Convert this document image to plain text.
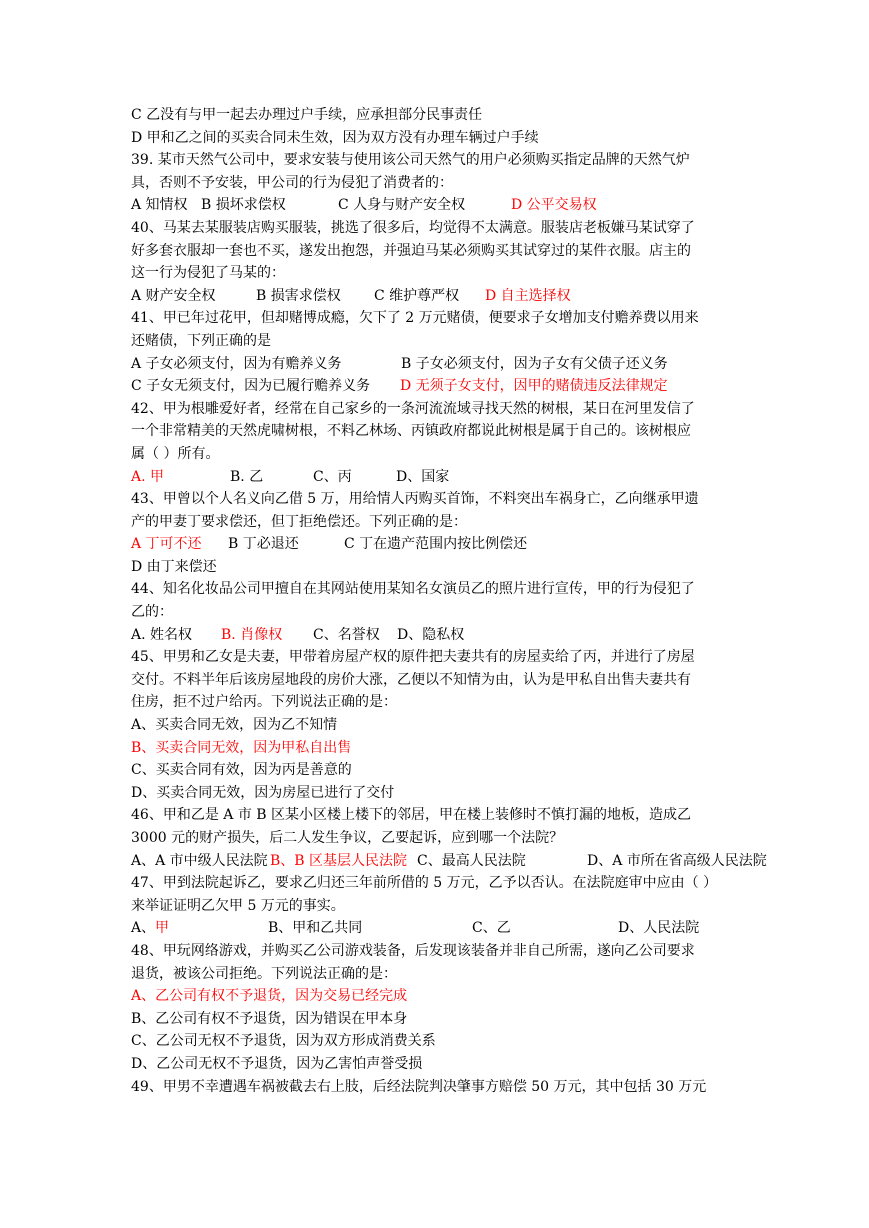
C 乙没有与甲一起去办理过户手续，应承担部分民事责任
D 甲和乙之间的买卖合同未生效，因为双方没有办理车辆过户手续
39. 某市天然气公司中，要求安装与使用该公司天然气的用户必须购买指定品牌的天然气炉
具，否则不予安装，甲公司的行为侵犯了消费者的：
A 知情权 B 损坏求偿权	C 人身与财产安全权	D 公平交易权
40、马某去某服装店购买服装，挑选了很多后，均觉得不太满意。服装店老板嫌马某试穿了
好多套衣服却一套也不买，遂发出抱怨，并强迫马某必须购买其试穿过的某件衣服。店主的
这一行为侵犯了马某的：
A 财产安全权	B 损害求偿权 C 维护尊严权 D 自主选择权
41、甲已年过花甲，但却赌博成瘾，欠下了 2 万元赌债，便要求子女增加支付赡养费以用来
还赌债，下列正确的是
A 子女必须支付，因为有赡养义务	B 子女必须支付，因为子女有父债子还义务
C 子女无须支付，因为已履行赡养义务 D 无须子女支付，因甲的赌债违反法律规定
42、甲为根雕爱好者，经常在自己家乡的一条河流流域寻找天然的树根，某日在河里发信了
一个非常精美的天然虎啸树根，不料乙林场、丙镇政府都说此树根是属于自己的。该树根应
属（ ）所有。
A. 甲	B. 乙	C、丙	D、国家
43、甲曾以个人名义向乙借 5 万，用给情人丙购买首饰，不料突出车祸身亡，乙向继承甲遗
产的甲妻丁要求偿还，但丁拒绝偿还。下列正确的是：
A 丁可不还 B 丁必退还	C 丁在遗产范围内按比例偿还
D 由丁来偿还
44、知名化妆品公司甲擅自在其网站使用某知名女演员乙的照片进行宣传，甲的行为侵犯了
乙的：
A. 姓名权 B. 肖像权 C、名誉权 D、隐私权
45、甲男和乙女是夫妻，甲带着房屋产权的原件把夫妻共有的房屋卖给了丙，并进行了房屋
交付。不料半年后该房屋地段的房价大涨，乙便以不知情为由，认为是甲私自出售夫妻共有
住房，拒不过户给丙。下列说法正确的是：
A、买卖合同无效，因为乙不知情
B、买卖合同无效，因为甲私自出售
C、买卖合同有效，因为丙是善意的
D、买卖合同无效，因为房屋已进行了交付
46、甲和乙是 A 市 B 区某小区楼上楼下的邻居，甲在楼上装修时不慎打漏的地板，造成乙
3000 元的财产损失，后二人发生争议，乙要起诉，应到哪一个法院？
A、A 市中级人民法院 B、B 区基层人民法院 C、最高人民法院	D、A 市所在省高级人民法院
47、甲到法院起诉乙，要求乙归还三年前所借的 5 万元，乙予以否认。在法院庭审中应由（ ）
来举证证明乙欠甲 5 万元的事实。
A、 甲	B、甲和乙共同	C、乙	D、人民法院
48、甲玩网络游戏，并购买乙公司游戏装备，后发现该装备并非自己所需，遂向乙公司要求
退货，被该公司拒绝。下列说法正确的是：
A、乙公司有权不予退货，因为交易已经完成
B、乙公司有权不予退货，因为错误在甲本身
C、乙公司无权不予退货，因为双方形成消费关系
D、乙公司无权不予退货，因为乙害怕声誉受损
49、甲男不幸遭遇车祸被截去右上肢，后经法院判决肇事方赔偿 50 万元，其中包括 30 万元
